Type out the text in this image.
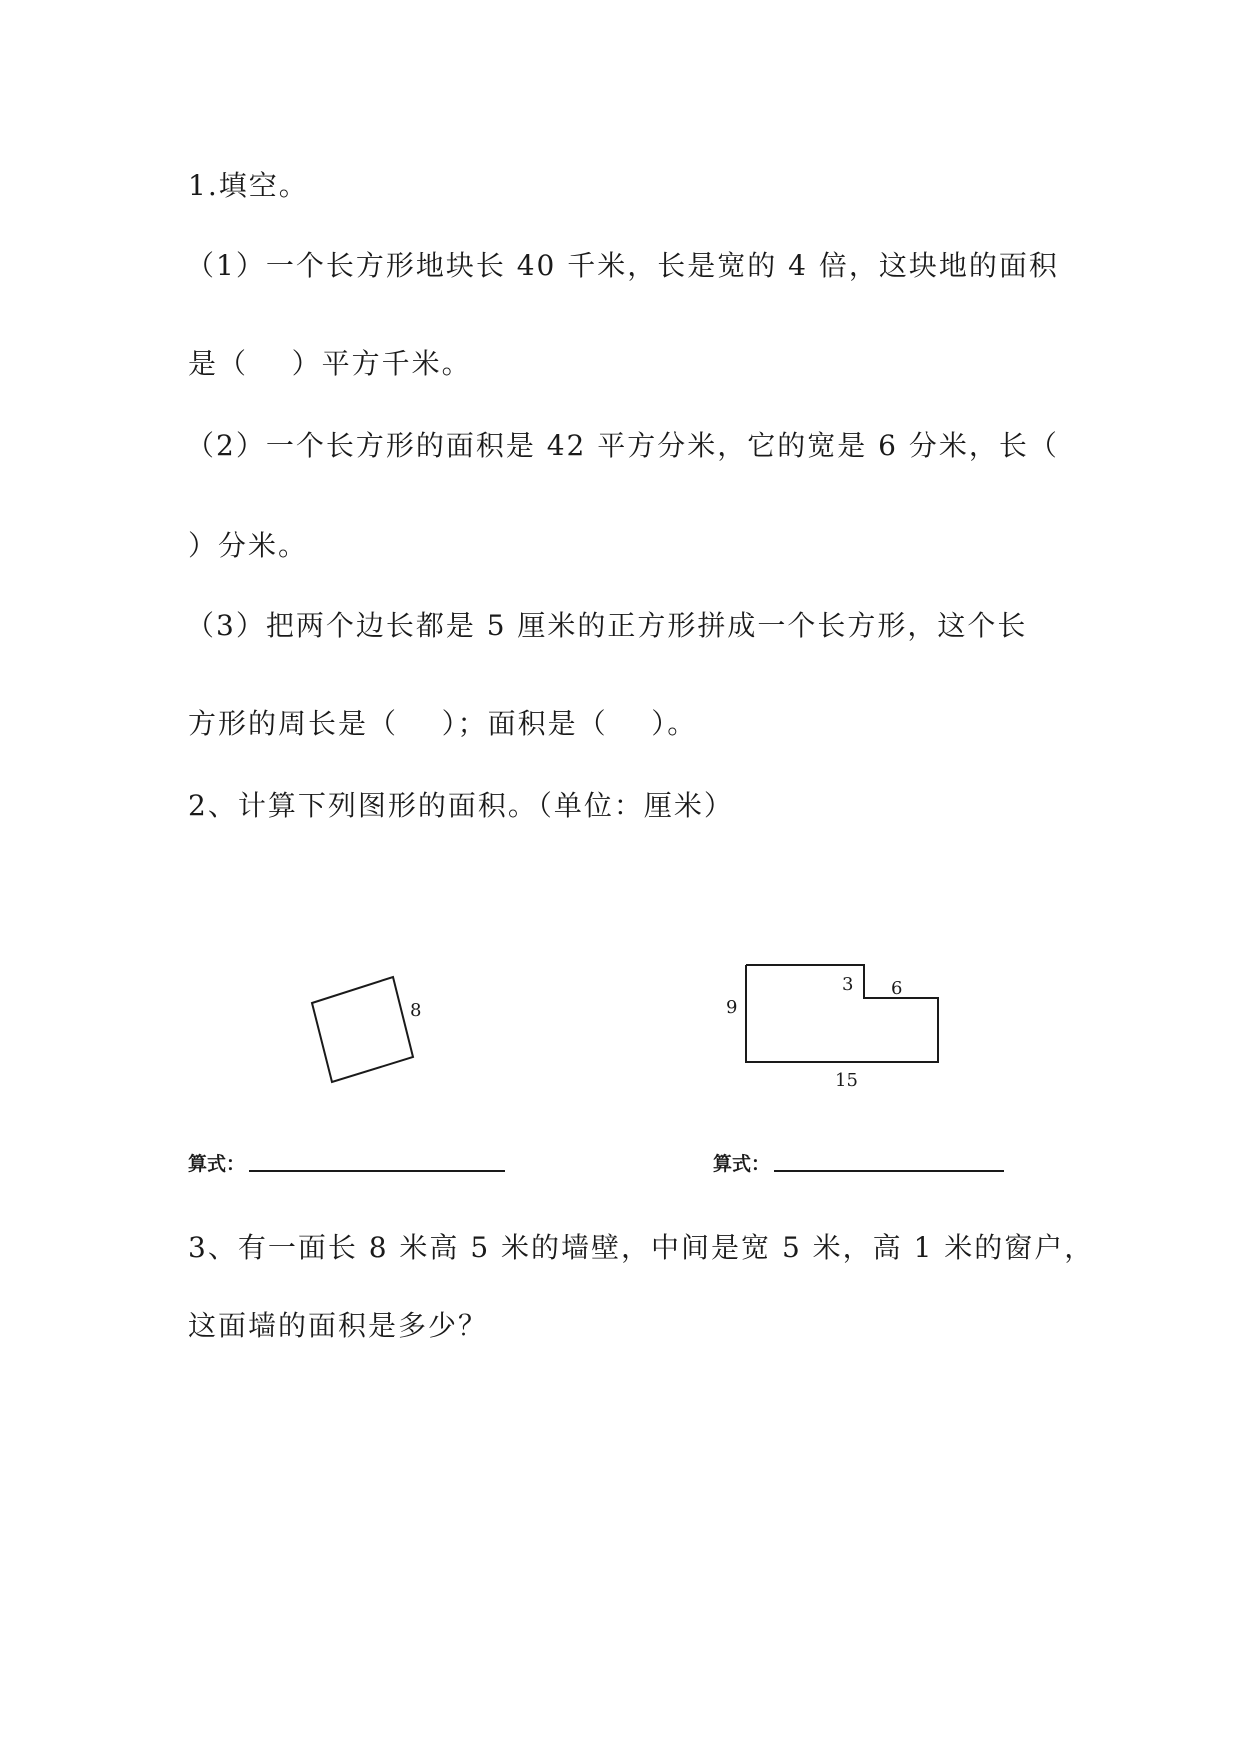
1.填空。
（1）一个长方形地块长 40 千米，长是宽的 4 倍，这块地的面积
是（    ）平方千米。
（2）一个长方形的面积是 42 平方分米，它的宽是 6 分米，长（
）分米。
（3）把两个边长都是 5 厘米的正方形拼成一个长方形，这个长
方形的周长是（    ）；面积是（    ）。
2、计算下列图形的面积。（单位：厘米）
8	9
3 6
15
算式：	算式：
3、有一面长 8 米高 5 米的墙壁，中间是宽 5 米，高 1 米的窗户，
这面墙的面积是多少？
